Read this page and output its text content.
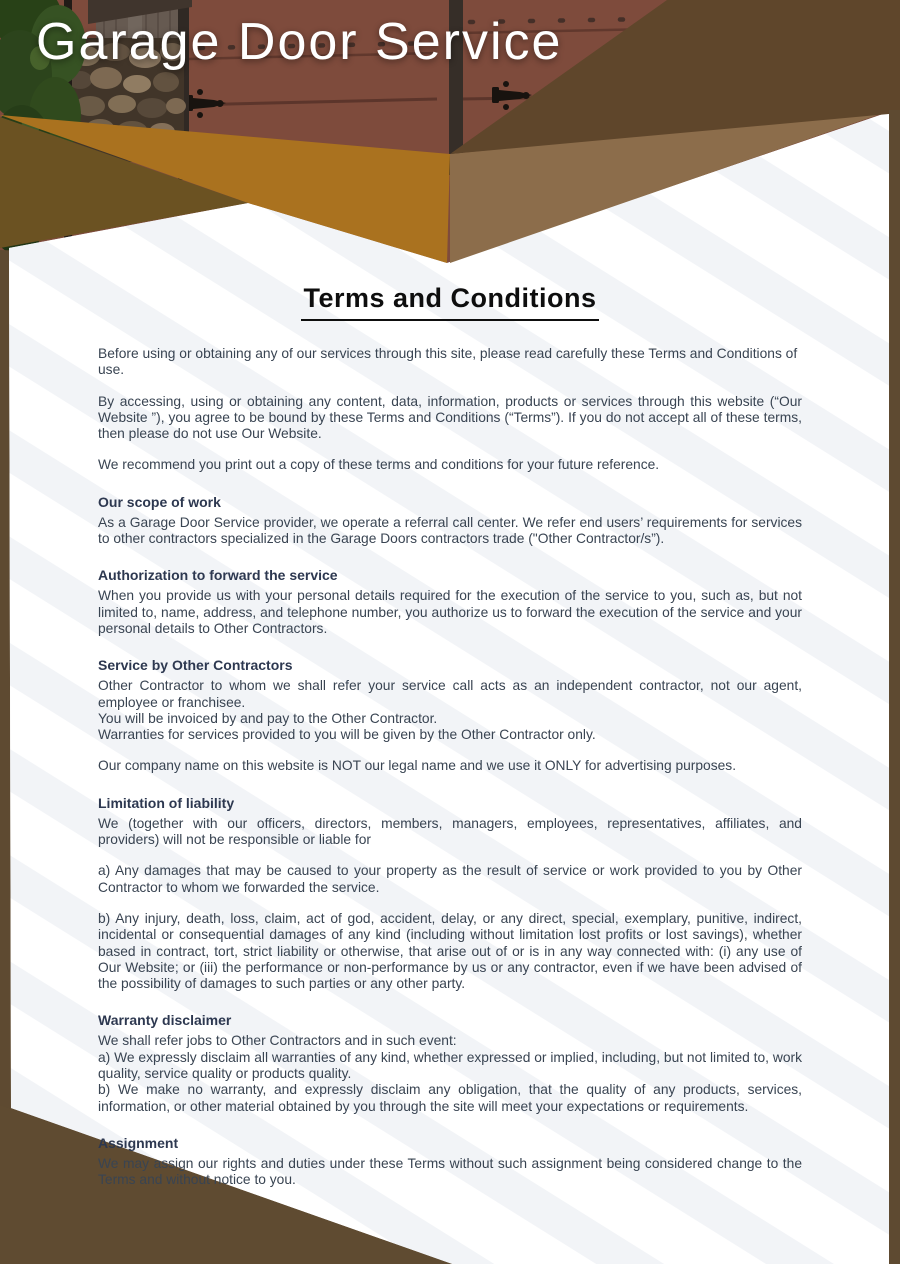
Garage Door Service
Terms and Conditions

Before using or obtaining any of our services through this site, please read carefully these Terms and Conditions of use.

By accessing, using or obtaining any content, data, information, products or services through this website (“Our Website ”), you agree to be bound by these Terms and Conditions (“Terms”). If you do not accept all of these terms, then please do not use Our Website.

We recommend you print out a copy of these terms and conditions for your future reference.

Our scope of work

As a Garage Door Service provider, we operate a referral call center. We refer end users’ requirements for services to other contractors specialized in the Garage Doors contractors trade ("Other Contractor/s”).

Authorization to forward the service

When you provide us with your personal details required for the execution of the service to you, such as, but not limited to, name, address, and telephone number, you authorize us to forward the execution of the service and your personal details to Other Contractors.

Service by Other Contractors

Other Contractor to whom we shall refer your service call acts as an independent contractor, not our agent, employee or franchisee.

You will be invoiced by and pay to the Other Contractor.

Warranties for services provided to you will be given by the Other Contractor only.

Our company name on this website is NOT our legal name and we use it ONLY for advertising purposes.

Limitation of liability

We (together with our officers, directors, members, managers, employees, representatives, affiliates, and providers) will not be responsible or liable for

a) Any damages that may be caused to your property as the result of service or work provided to you by Other Contractor to whom we forwarded the service.

b) Any injury, death, loss, claim, act of god, accident, delay, or any direct, special, exemplary, punitive, indirect, incidental or consequential damages of any kind (including without limitation lost profits or lost savings), whether based in contract, tort, strict liability or otherwise, that arise out of or is in any way connected with: (i) any use of Our Website; or (iii) the performance or non-performance by us or any contractor, even if we have been advised of the possibility of damages to such parties or any other party.

Warranty disclaimer

We shall refer jobs to Other Contractors and in such event:

a) We expressly disclaim all warranties of any kind, whether expressed or implied, including, but not limited to, work quality, service quality or products quality.

b) We make no warranty, and expressly disclaim any obligation, that the quality of any products, services, information, or other material obtained by you through the site will meet your expectations or requirements.

Assignment

We may assign our rights and duties under these Terms without such assignment being considered change to the Terms and without notice to you.
